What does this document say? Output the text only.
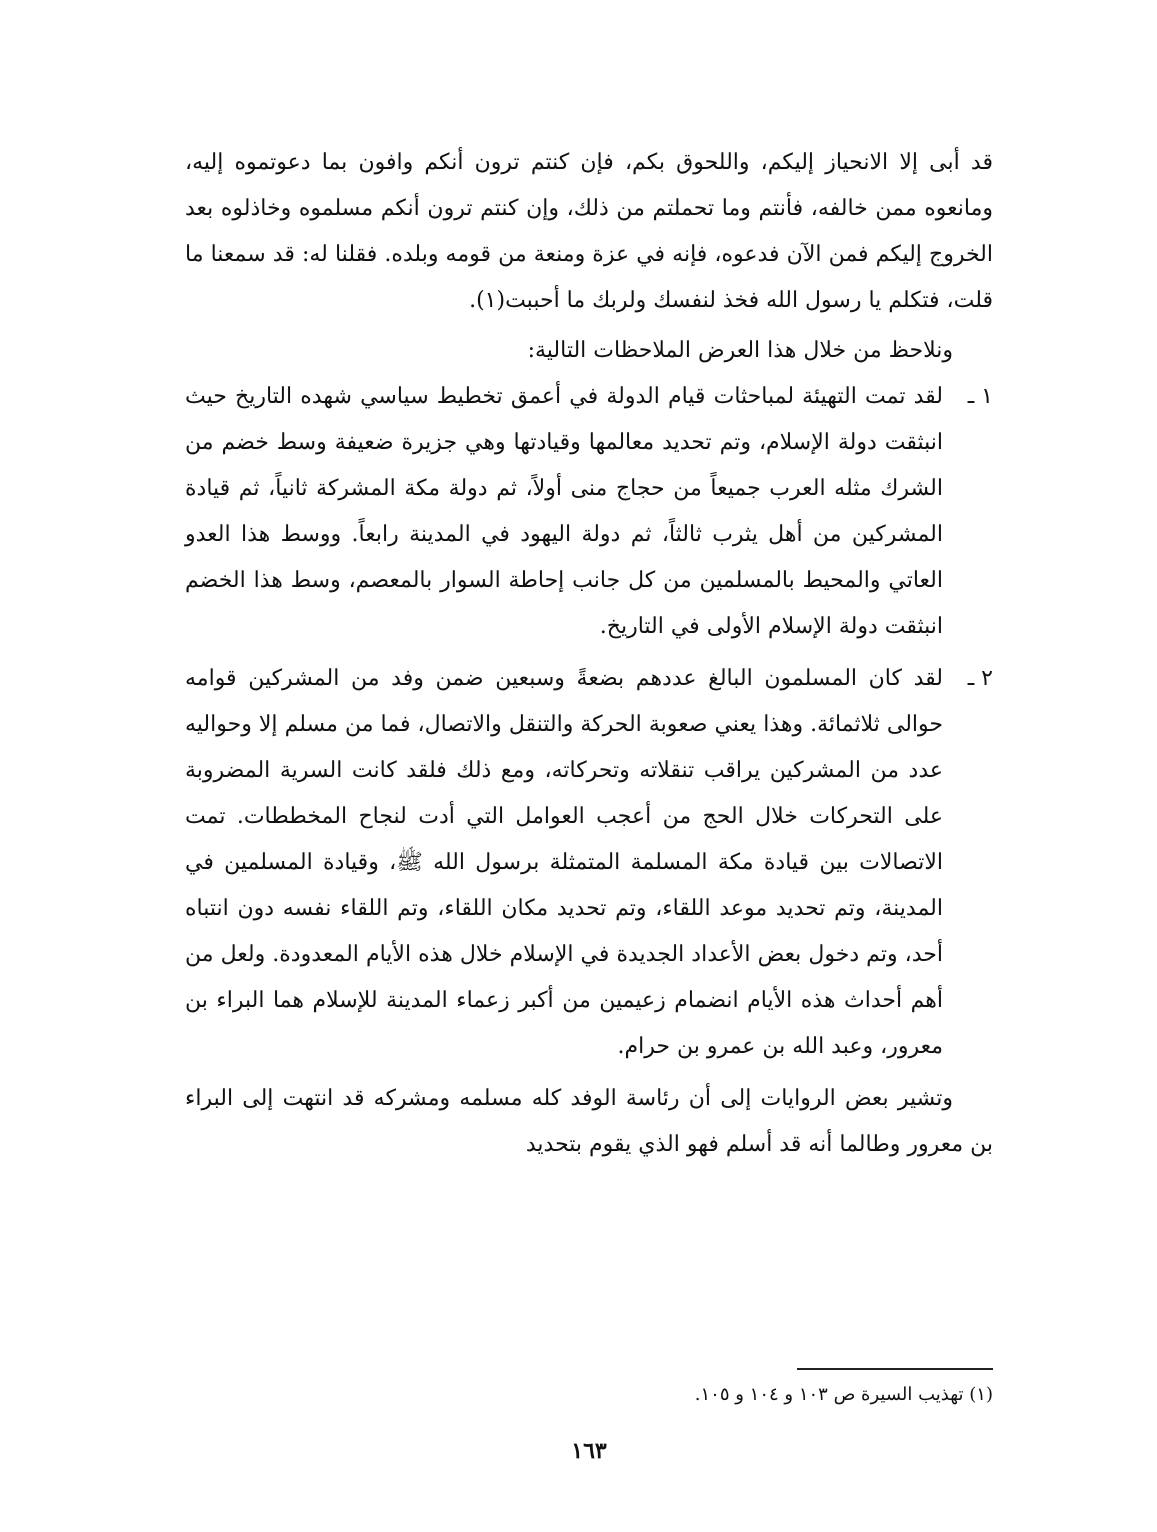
قد أبى إلا الانحياز إليكم، واللحوق بكم، فإن كنتم ترون أنكم وافون بما دعوتموه إليه، ومانعوه ممن خالفه، فأنتم وما تحملتم من ذلك، وإن كنتم ترون أنكم مسلموه وخاذلوه بعد الخروج إليكم فمن الآن فدعوه، فإنه في عزة ومنعة من قومه وبلده. فقلنا له: قد سمعنا ما قلت، فتكلم يا رسول الله فخذ لنفسك ولربك ما أحببت(١).

ونلاحظ من خلال هذا العرض الملاحظات التالية:

١ ـ

لقد تمت التهيئة لمباحثات قيام الدولة في أعمق تخطيط سياسي شهده التاريخ حيث انبثقت دولة الإسلام، وتم تحديد معالمها وقيادتها وهي جزيرة ضعيفة وسط خضم من الشرك مثله العرب جميعاً من حجاج منى أولاً، ثم دولة مكة المشركة ثانياً، ثم قيادة المشركين من أهل يثرب ثالثاً، ثم دولة اليهود في المدينة رابعاً. ووسط هذا العدو العاتي والمحيط بالمسلمين من كل جانب إحاطة السوار بالمعصم، وسط هذا الخضم انبثقت دولة الإسلام الأولى في التاريخ.

٢ ـ

لقد كان المسلمون البالغ عددهم بضعةً وسبعين ضمن وفد من المشركين قوامه حوالى ثلاثمائة. وهذا يعني صعوبة الحركة والتنقل والاتصال، فما من مسلم إلا وحواليه عدد من المشركين يراقب تنقلاته وتحركاته، ومع ذلك فلقد كانت السرية المضروبة على التحركات خلال الحج من أعجب العوامل التي أدت لنجاح المخططات. تمت الاتصالات بين قيادة مكة المسلمة المتمثلة برسول الله ﷺ، وقيادة المسلمين في المدينة، وتم تحديد موعد اللقاء، وتم تحديد مكان اللقاء، وتم اللقاء نفسه دون انتباه أحد، وتم دخول بعض الأعداد الجديدة في الإسلام خلال هذه الأيام المعدودة. ولعل من أهم أحداث هذه الأيام انضمام زعيمين من أكبر زعماء المدينة للإسلام هما البراء بن معرور، وعبد الله بن عمرو بن حرام.

وتشير بعض الروايات إلى أن رئاسة الوفد كله مسلمه ومشركه قد انتهت إلى البراء بن معرور وطالما أنه قد أسلم فهو الذي يقوم بتحديد

(١) تهذيب السيرة ص ١٠٣ و ١٠٤ و ١٠٥.

١٦٣
